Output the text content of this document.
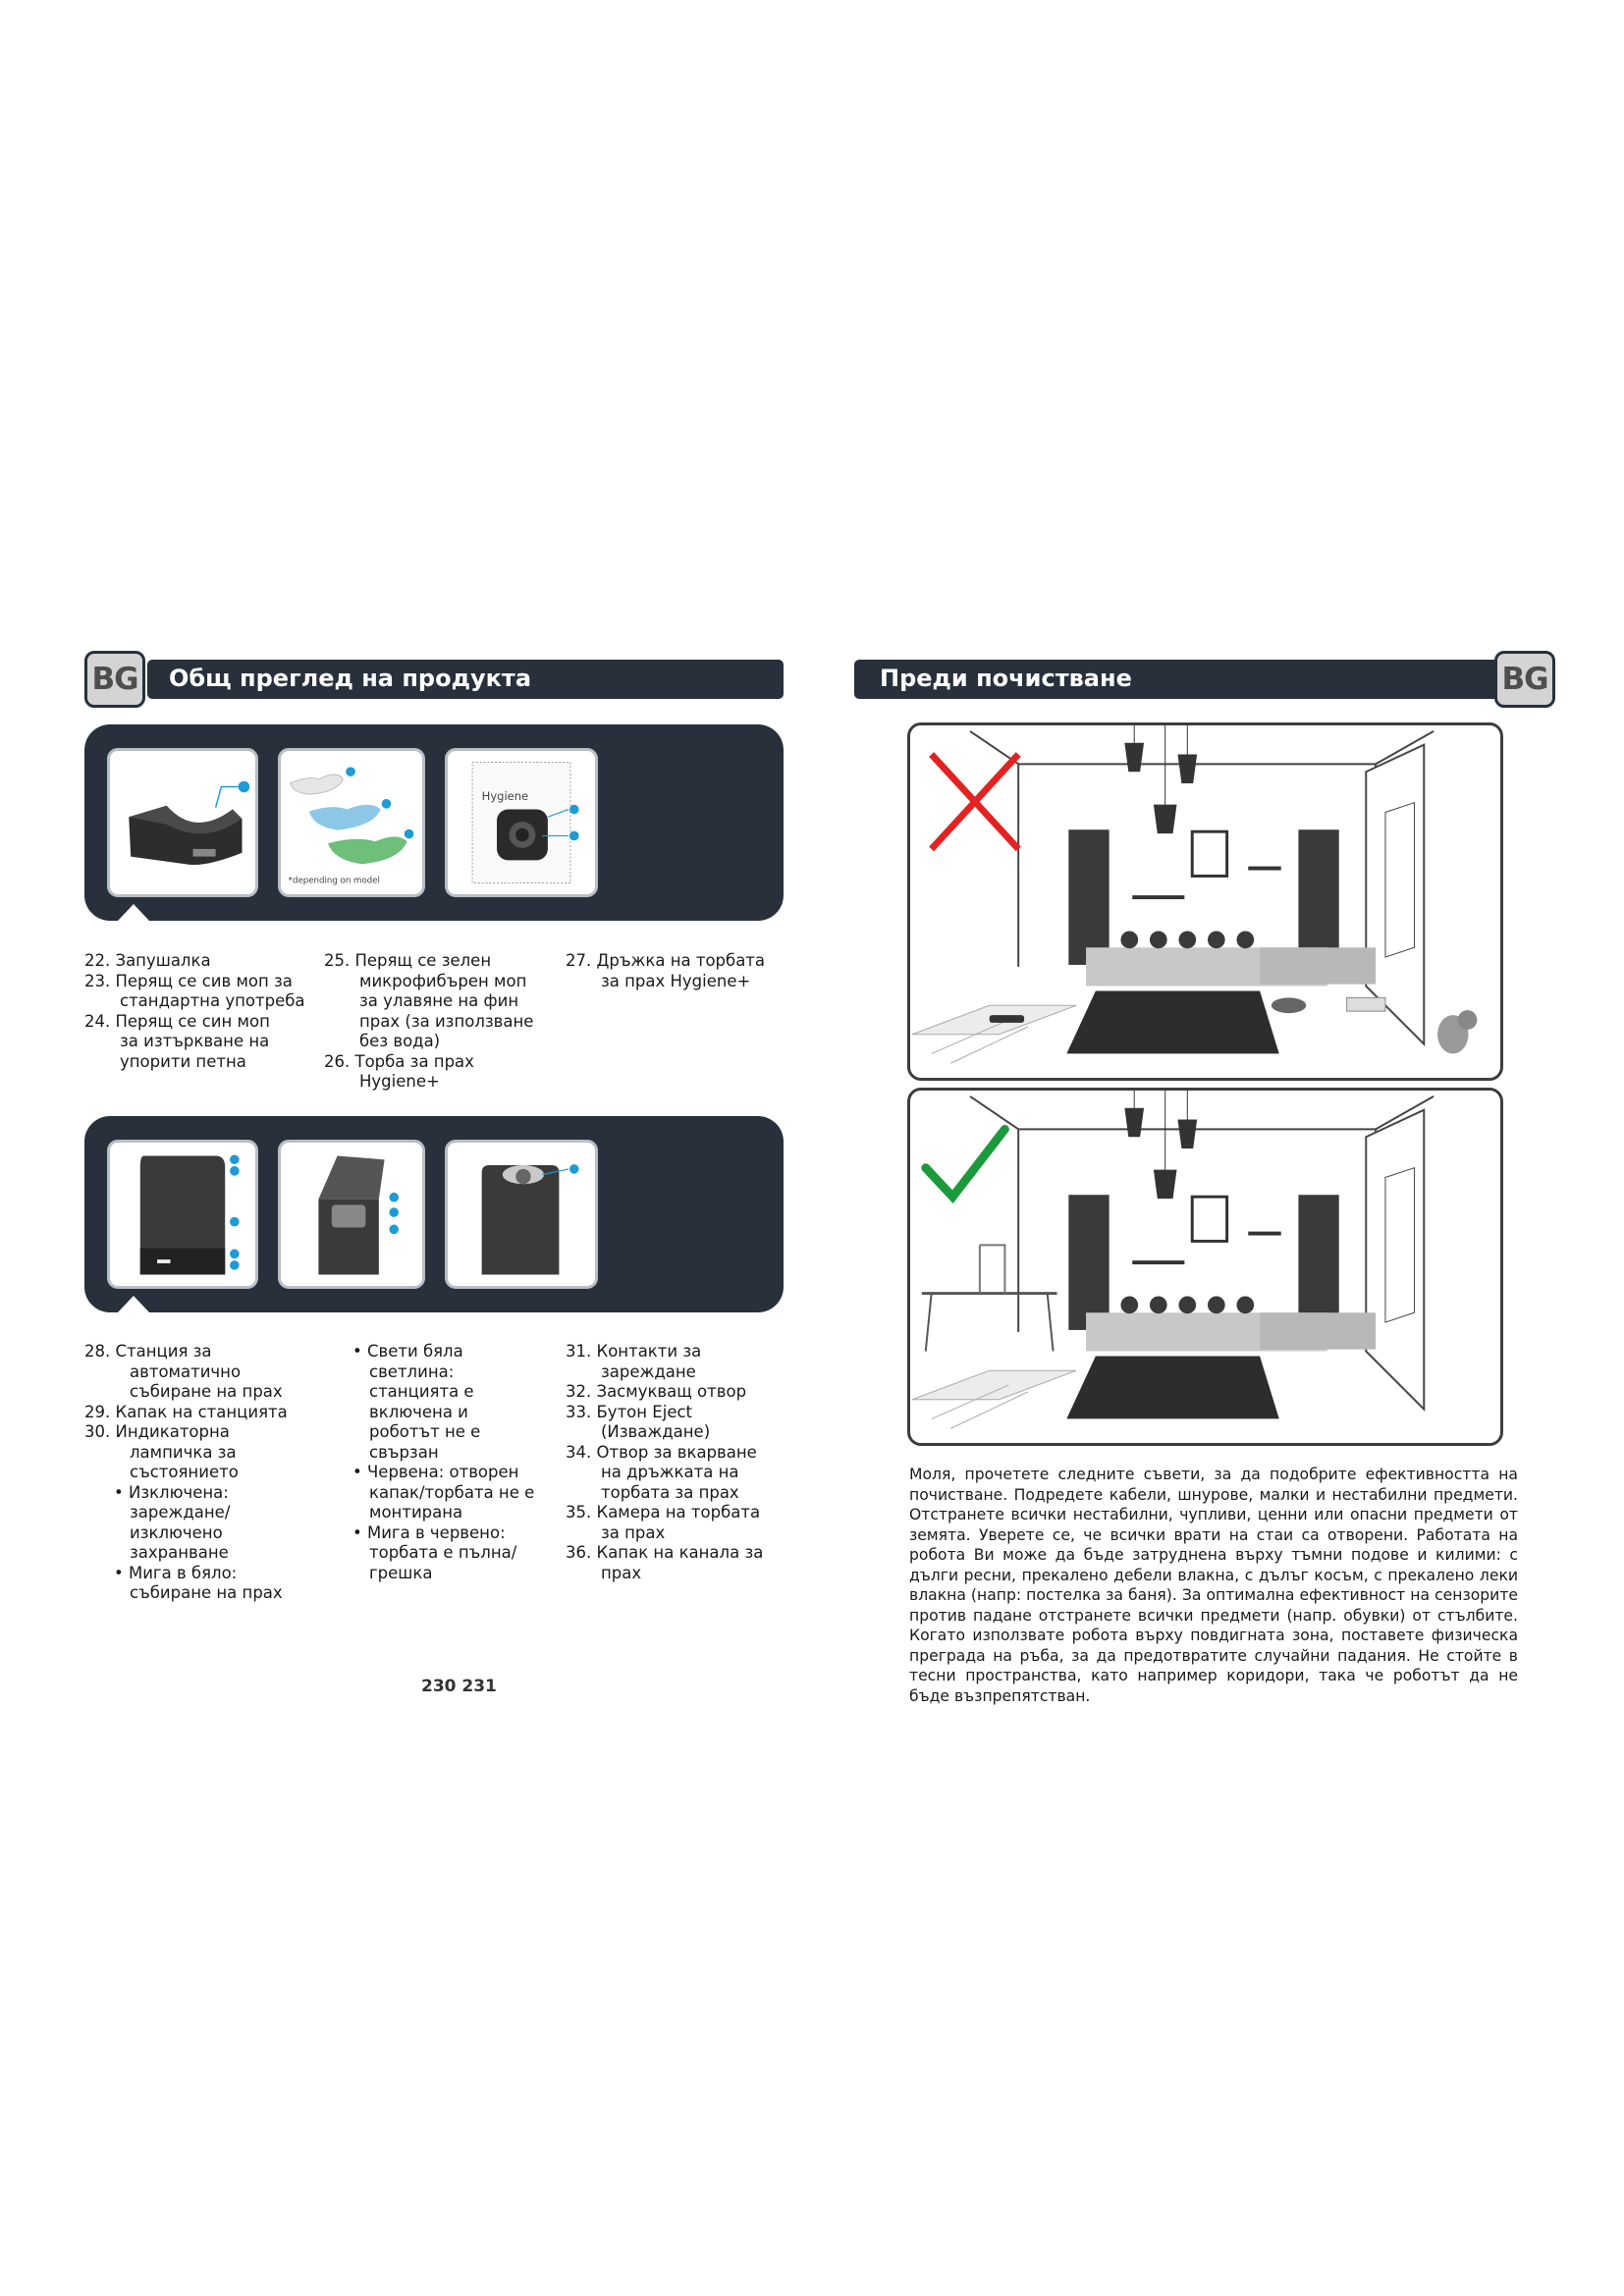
BG	Общ преглед на продукта
*depending on model
Hygiene
22. Запушалка
23. Перящ се сив моп за
стандартна употреба
24. Перящ се син моп
за изтъркване на
упорити петна
25. Перящ се зелен
микрофибърен моп
за улавяне на фин
прах (за използване
без вода)
26. Торба за прах
Hygiene+
27. Дръжка на торбата
за прах Hygiene+
28. Станция за
автоматично
събиране на прах
29. Капак на станцията
30. Индикаторна
лампичка за
състоянието
• Изключена:
зареждане/
изключено
захранване
• Мига в бяло:
събиране на прах
• Свети бяла
светлина:
станцията е
включена и
роботът не е
свързан
• Червена: отворен
капак/торбата не е
монтирана
• Мига в червено:
торбата е пълна/
грешка
31. Контакти за
зареждане
32. Засмукващ отвор
33. Бутон Eject
(Изваждане)
34. Отвор за вкарване
на дръжката на
торбата за прах
35. Камера на торбата
за прах
36. Капак на канала за
прах
230 231
Преди почистване	BG
Моля, прочетете следните съвети, за да подобрите ефективността на почистване. Подредете кабели, шнурове, малки и нестабилни предмети. Отстранете всички нестабилни, чупливи, ценни или опасни предмети от земята. Уверете се, че всички врати на стаи са отворени. Работата на робота Ви може да бъде затруднена върху тъмни подове и килими: с дълги ресни, прекалено дебели влакна, с дълъг косъм, с прекалено леки влакна (напр: постелка за баня). За оптимална ефективност на сензорите против падане отстранете всички предмети (напр. обувки) от стълбите. Когато използвате робота върху повдигната зона, поставете физическа преграда на ръба, за да предотвратите случайни падания. Не стойте в тесни пространства, като например коридори, така че роботът да не бъде възпрепятстван.
